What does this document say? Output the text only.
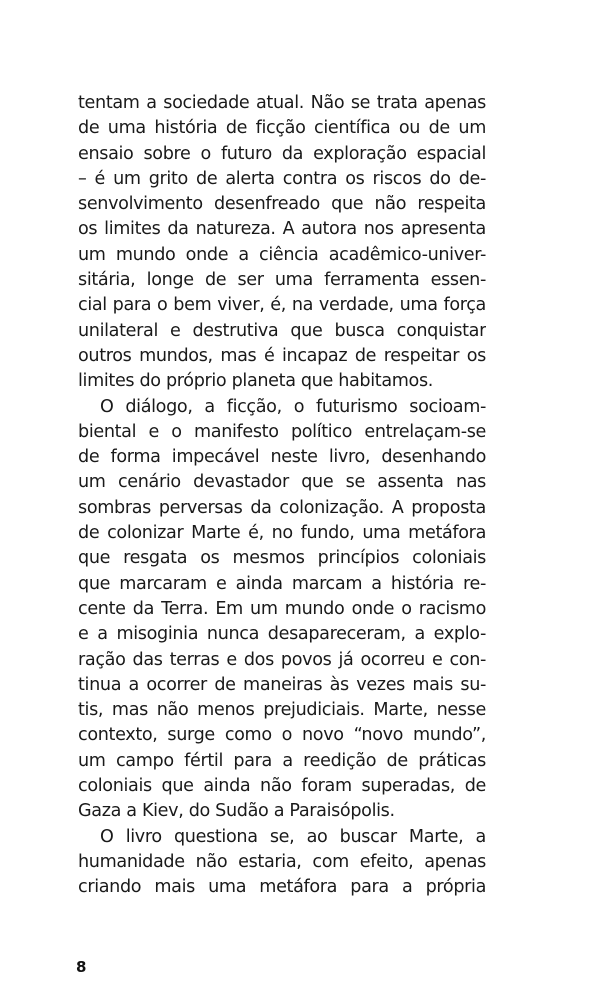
tentam a sociedade atual. Não se trata apenas
de uma história de ficção científica ou de um
ensaio sobre o futuro da exploração espacial
– é um grito de alerta contra os riscos do de-
senvolvimento desenfreado que não respeita
os limites da natureza. A autora nos apresenta
um mundo onde a ciência acadêmico-univer-
sitária, longe de ser uma ferramenta essen-
cial para o bem viver, é, na verdade, uma força
unilateral e destrutiva que busca conquistar
outros mundos, mas é incapaz de respeitar os
limites do próprio planeta que habitamos.
O diálogo, a ficção, o futurismo socioam-
biental e o manifesto político entrelaçam-se
de forma impecável neste livro, desenhando
um cenário devastador que se assenta nas
sombras perversas da colonização. A proposta
de colonizar Marte é, no fundo, uma metáfora
que resgata os mesmos princípios coloniais
que marcaram e ainda marcam a história re-
cente da Terra. Em um mundo onde o racismo
e a misoginia nunca desapareceram, a explo-
ração das terras e dos povos já ocorreu e con-
tinua a ocorrer de maneiras às vezes mais su-
tis, mas não menos prejudiciais. Marte, nesse
contexto, surge como o novo “novo mundo”,
um campo fértil para a reedição de práticas
coloniais que ainda não foram superadas, de
Gaza a Kiev, do Sudão a Paraisópolis.
O livro questiona se, ao buscar Marte, a
humanidade não estaria, com efeito, apenas
criando mais uma metáfora para a própria
8
